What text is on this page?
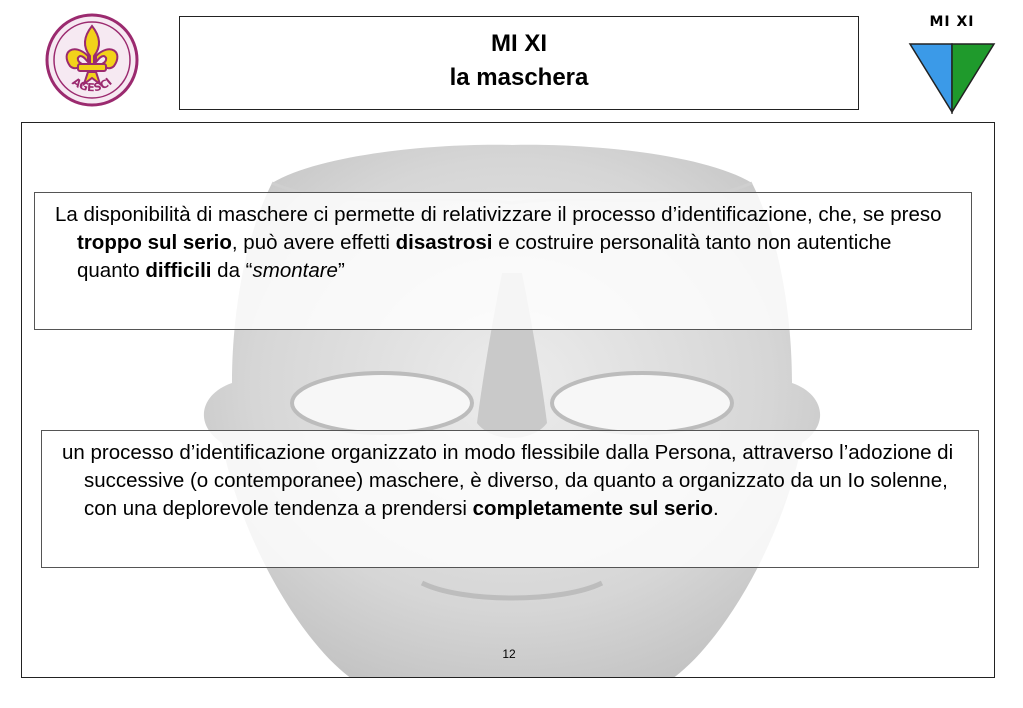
AGESCI
MI XI
la maschera
MI XI

La disponibilità di maschere ci permette di relativizzare il processo d’identificazione, che, se preso troppo sul serio, può avere effetti disastrosi e costruire personalità tanto non autentiche quanto difficili da “smontare”

un processo d’identificazione organizzato in modo flessibile dalla Persona, attraverso l’adozione di successive (o contemporanee) maschere, è diverso, da quanto a organizzato da un Io solenne, con una deplorevole tendenza a prendersi completamente sul serio.

12
